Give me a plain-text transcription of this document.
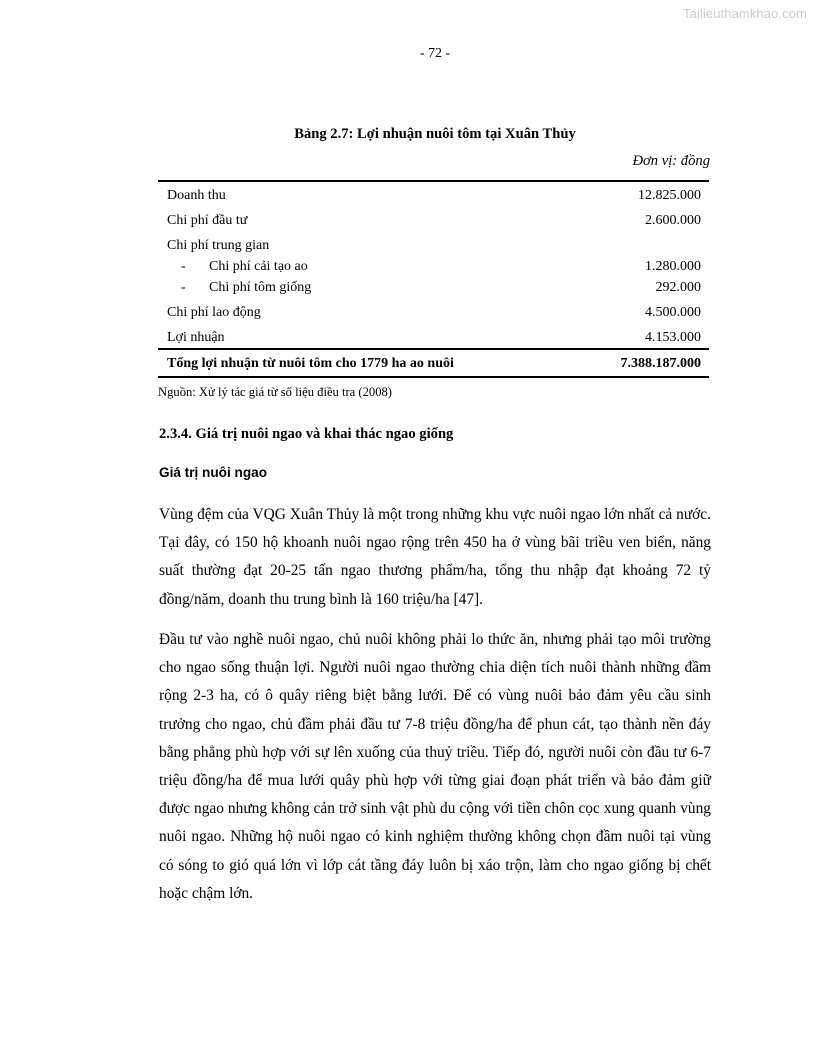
Tailieuthamkhao.com
- 72 -
Bảng 2.7: Lợi nhuận nuôi tôm tại Xuân Thủy
Đơn vị: đồng
Doanh thu	12.825.000
Chi phí đầu tư	2.600.000
Chi phí trung gian	
- Chi phí cải tạo ao	1.280.000
- Chi phí tôm giống	292.000
Chi phí lao động	4.500.000
Lợi nhuận	4.153.000
Tổng lợi nhuận từ nuôi tôm cho 1779 ha ao nuôi	7.388.187.000
Nguồn: Xử lý tác giá từ số liệu điều tra (2008)
2.3.4. Giá trị nuôi ngao và khai thác ngao giống
Giá trị nuôi ngao

Vùng đệm của VQG Xuân Thủy là một trong những khu vực nuôi ngao lớn nhất cả nước. Tại đây, có 150 hộ khoanh nuôi ngao rộng trên 450 ha ở vùng bãi triều ven biển, năng suất thường đạt 20-25 tấn ngao thương phẩm/ha, tổng thu nhập đạt khoảng 72 tỷ đồng/năm, doanh thu trung bình là 160 triệu/ha [47].

Đầu tư vào nghề nuôi ngao, chủ nuôi không phải lo thức ăn, nhưng phải tạo môi trường cho ngao sống thuận lợi. Người nuôi ngao thường chia diện tích nuôi thành những đầm rộng 2-3 ha, có ô quây riêng biệt bằng lưới. Để có vùng nuôi bảo đảm yêu cầu sinh trưởng cho ngao, chủ đầm phải đầu tư 7-8 triệu đồng/ha để phun cát, tạo thành nền đáy bằng phẳng phù hợp với sự lên xuống của thuỷ triều. Tiếp đó, người nuôi còn đầu tư 6-7 triệu đồng/ha để mua lưới quây phù hợp với từng giai đoạn phát triển và bảo đảm giữ được ngao nhưng không cản trở sinh vật phù du cộng với tiền chôn cọc xung quanh vùng nuôi ngao. Những hộ nuôi ngao có kinh nghiệm thường không chọn đầm nuôi tại vùng có sóng to gió quá lớn vì lớp cát tầng đáy luôn bị xáo trộn, làm cho ngao giống bị chết hoặc chậm lớn.
